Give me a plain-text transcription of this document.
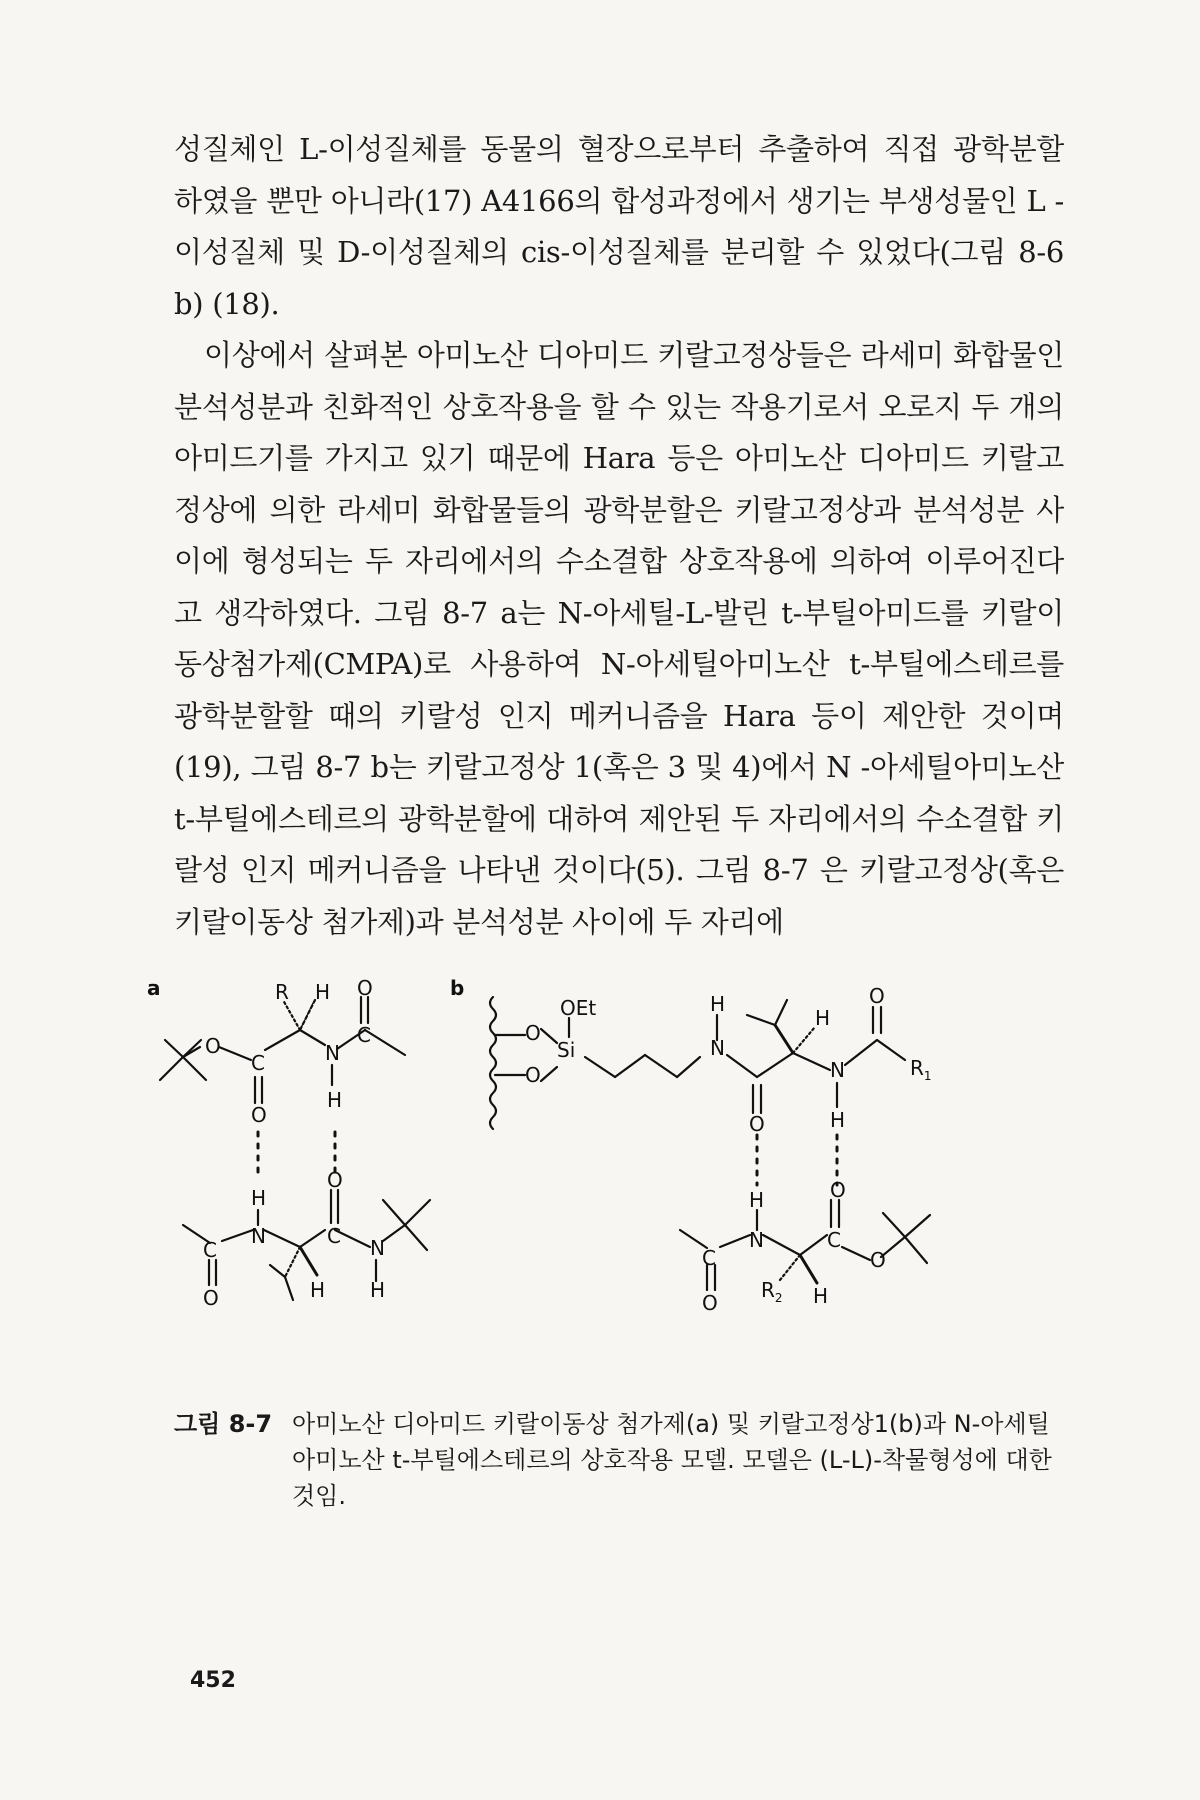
성질체인 L-이성질체를 동물의 혈장으로부터 추출하여 직접 광학분할 하였을 뿐만 아니라(17) A4166의 합성과정에서 생기는 부생성물인 L -이성질체 및 D-이성질체의 cis-이성질체를 분리할 수 있었다(그림 8-6 b) (18).

이상에서 살펴본 아미노산 디아미드 키랄고정상들은 라세미 화합물인 분석성분과 친화적인 상호작용을 할 수 있는 작용기로서 오로지 두 개의 아미드기를 가지고 있기 때문에 Hara 등은 아미노산 디아미드 키랄고정상에 의한 라세미 화합물들의 광학분할은 키랄고정상과 분석성분 사이에 형성되는 두 자리에서의 수소결합 상호작용에 의하여 이루어진다고 생각하였다. 그림 8-7 a는 N-아세틸-L-발린 t-부틸아미드를 키랄이동상첨가제(CMPA)로 사용하여 N-아세틸아미노산 t-부틸에스테르를 광학분할할 때의 키랄성 인지 메커니즘을 Hara 등이 제안한 것이며(19), 그림 8-7 b는 키랄고정상 1(혹은 3 및 4)에서 N -아세틸아미노산 t-부틸에스테르의 광학분할에 대하여 제안된 두 자리에서의 수소결합 키랄성 인지 메커니즘을 나타낸 것이다(5). 그림 8-7 은 키랄고정상(혹은 키랄이동상 첨가제)과 분석성분 사이에 두 자리에

a	b
O
C	N
C
R H O
O
H
H
O
N
C
C N
O	H H
OEt
O
Si
O
H
N
H
O
N	$R_1$
O	H
H	O
N
C
C
O
O
$R_2$ H
그림 8-7 아미노산 디아미드 키랄이동상 첨가제(a) 및 키랄고정상1(b)과 N-아세틸 아미노산 t-부틸에스테르의 상호작용 모델. 모델은 (L-L)-착물형성에 대한 것임.
452
